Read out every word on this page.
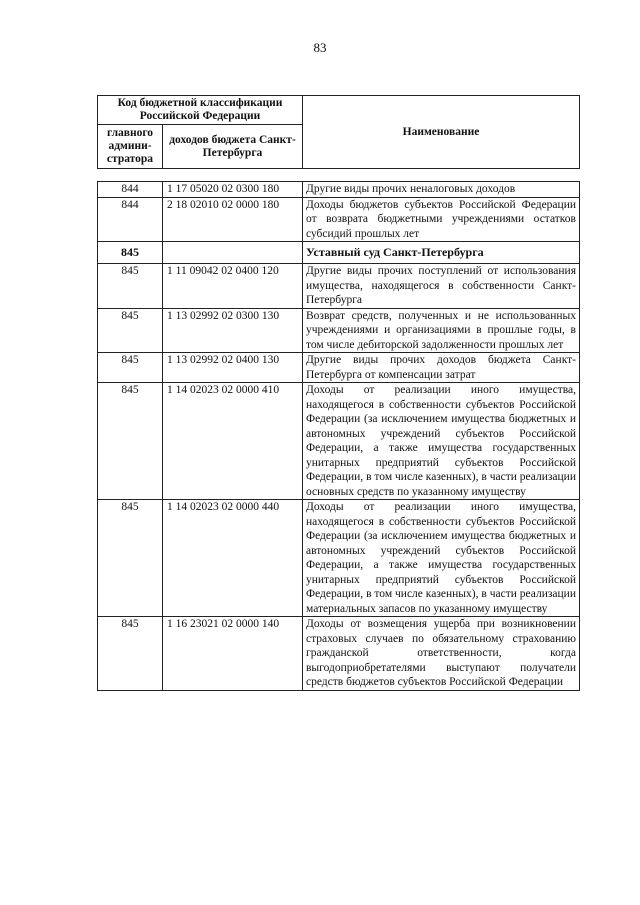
83
Код бюджетной классификации Российской Федерации		Наименование
главного админи-стратора	доходов бюджета Санкт-Петербурга	
844	1 17 05020 02 0300 180	Другие виды прочих неналоговых доходов
844	2 18 02010 02 0000 180	Доходы бюджетов субъектов Российской Федерации от возврата бюджетными учреждениями остатков субсидий прошлых лет
845		Уставный суд Санкт-Петербурга
845	1 11 09042 02 0400 120	Другие виды прочих поступлений от использования имущества, находящегося в собственности Санкт-Петербурга
845	1 13 02992 02 0300 130	Возврат средств, полученных и не использованных учреждениями и организациями в прошлые годы, в том числе дебиторской задолженности прошлых лет
845	1 13 02992 02 0400 130	Другие виды прочих доходов бюджета Санкт-Петербурга от компенсации затрат
845	1 14 02023 02 0000 410	Доходы от реализации иного имущества, находящегося в собственности субъектов Российской Федерации (за исключением имущества бюджетных и автономных учреждений субъектов Российской Федерации, а также имущества государственных унитарных предприятий субъектов Российской Федерации, в том числе казенных), в части реализации основных средств по указанному имуществу
845	1 14 02023 02 0000 440	Доходы от реализации иного имущества, находящегося в собственности субъектов Российской Федерации (за исключением имущества бюджетных и автономных учреждений субъектов Российской Федерации, а также имущества государственных унитарных предприятий субъектов Российской Федерации, в том числе казенных), в части реализации материальных запасов по указанному имуществу
845	1 16 23021 02 0000 140	Доходы от возмещения ущерба при возникновении страховых случаев по обязательному страхованию гражданской ответственности, когда выгодоприобретателями выступают получатели средств бюджетов субъектов Российской Федерации
